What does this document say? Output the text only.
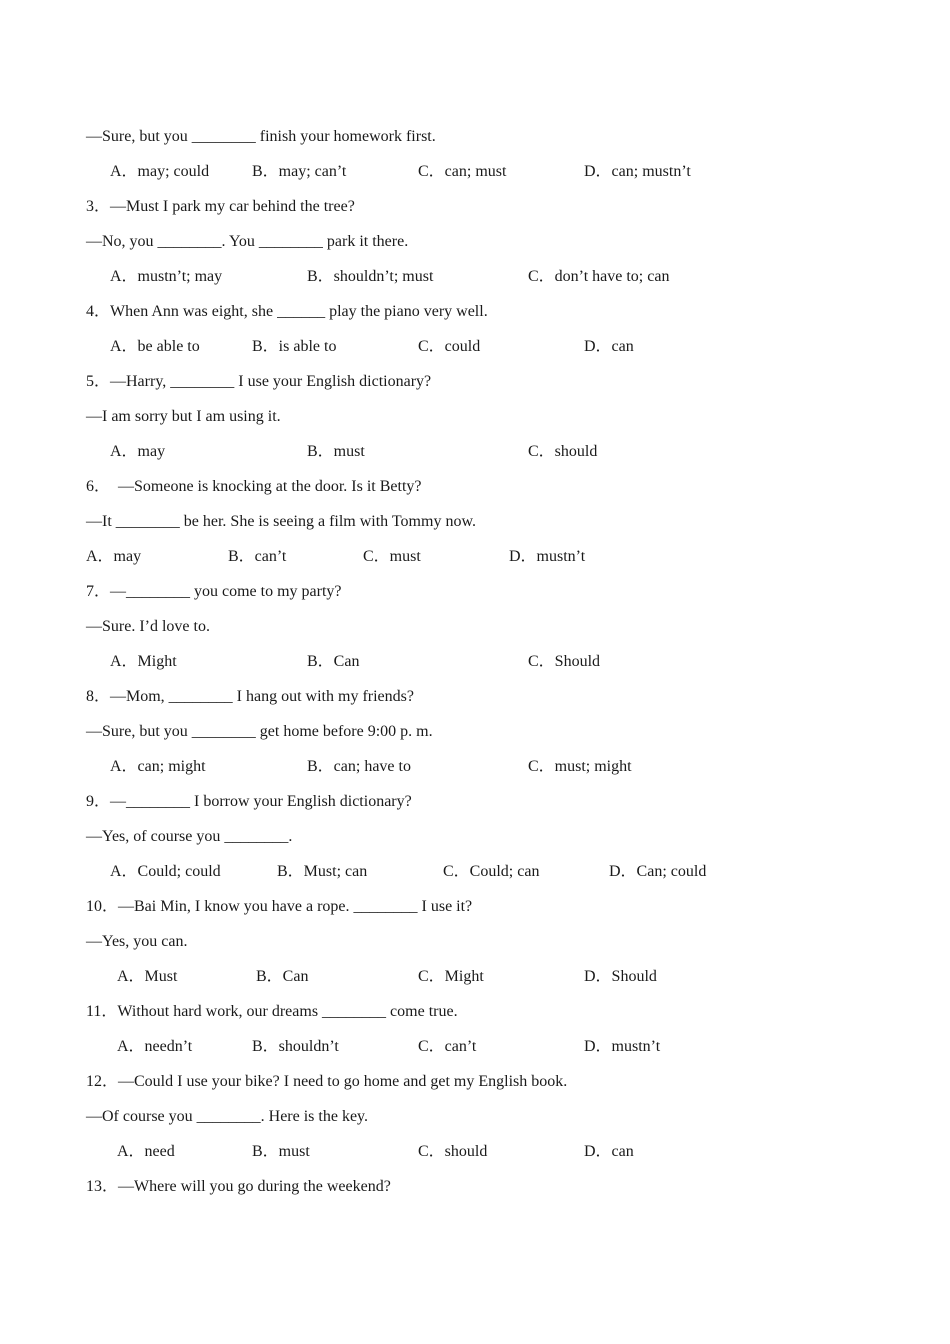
—Sure, but you ________ finish your homework first.
A．may; could	B．may; can’t	C．can; must	D．can; mustn’t
3．—Must I park my car behind the tree?
—No, you ________. You ________ park it there.
A．mustn’t; may	B．shouldn’t; must	C．don’t have to; can
4．When Ann was eight, she ______ play the piano very well.
A．be able to	B．is able to	C．could	D．can
5．—Harry, ________ I use your English dictionary?
—I am sorry but I am using it.
A．may	B．must	C．should
6．  —Someone is knocking at the door. Is it Betty?
—It ________ be her. She is seeing a film with Tommy now.
A．may	B．can’t	C．must	D．mustn’t
7．—________ you come to my party?
—Sure. I’d love to.
A．Might	B．Can	C．Should
8．—Mom, ________ I hang out with my friends?
—Sure, but you ________ get home before 9:00 p. m.
A．can; might	B．can; have to	C．must; might
9．—________ I borrow your English dictionary?
—Yes, of course you ________.
A．Could; could	B．Must; can	C．Could; can	D．Can; could
10．—Bai Min, I know you have a rope. ________ I use it?
—Yes, you can.
A．Must	B．Can	C．Might	D．Should
11．Without hard work, our dreams ________ come true.
A．needn’t	B．shouldn’t	C．can’t	D．mustn’t
12．—Could I use your bike? I need to go home and get my English book.
—Of course you ________. Here is the key.
A．need	B．must	C．should	D．can
13．—Where will you go during the weekend?
